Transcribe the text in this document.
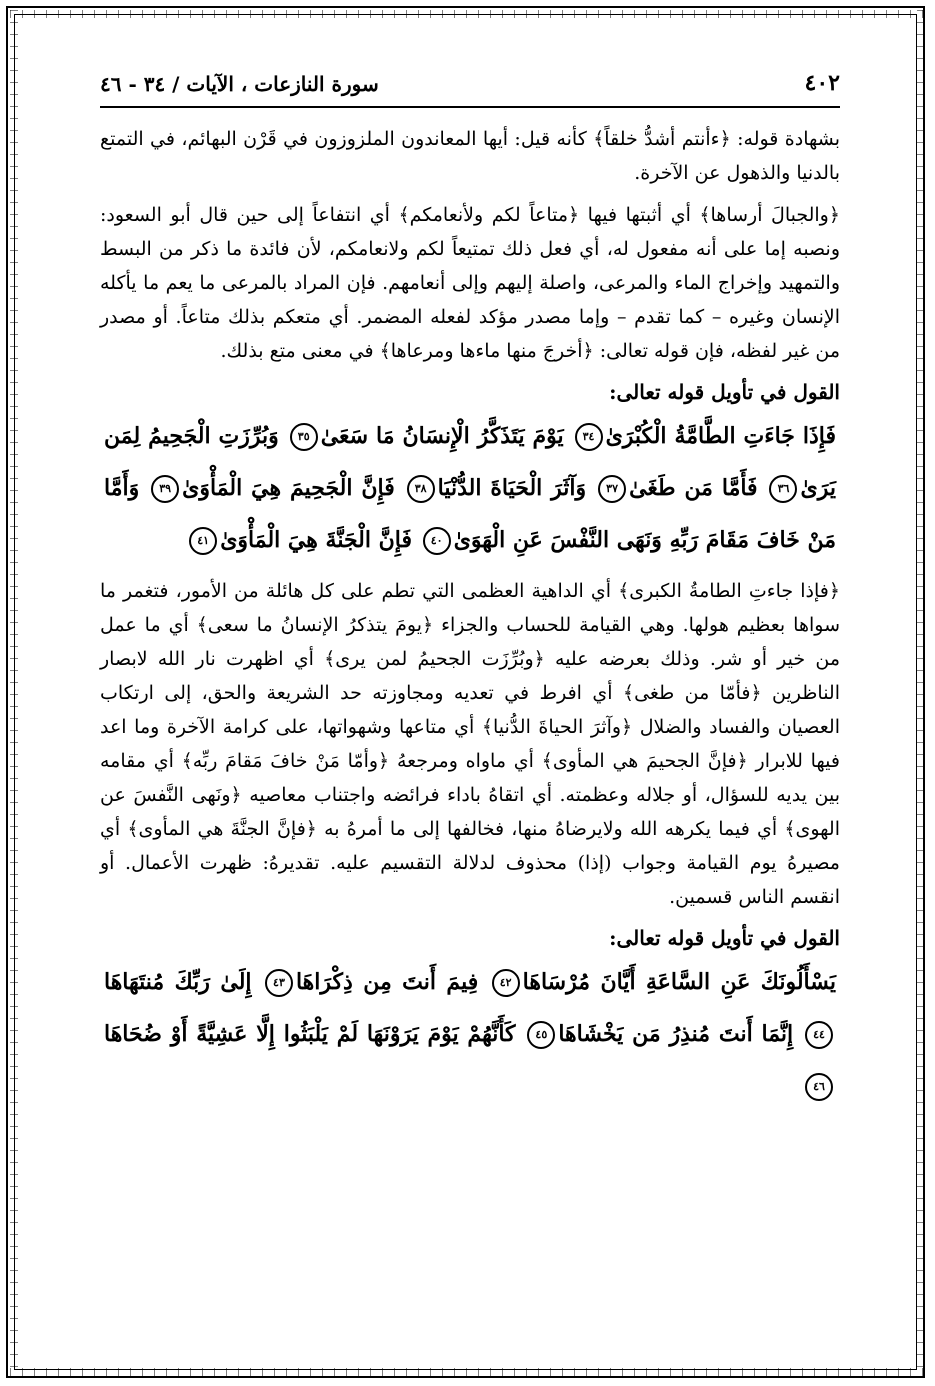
٤٠٢
سورة النازعات ، الآيات / ٣٤ - ٤٦

بشهادة قوله: ﴿ءأنتم أشدُّ خلقاً﴾ كأنه قيل: أيها المعاندون الملزوزون في قَرْن البهائم، في التمتع بالدنيا والذهول عن الآخرة.

﴿والجبالَ أرساها﴾ أي أثبتها فيها ﴿متاعاً لكم ولأنعامكم﴾ أي انتفاعاً إلى حين قال أبو السعود: ونصبه إما على أنه مفعول له، أي فعل ذلك تمتيعاً لكم ولانعامكم، لأن فائدة ما ذكر من البسط والتمهيد وإخراج الماء والمرعى، واصلة إليهم وإلى أنعامهم. فإن المراد بالمرعى ما يعم ما يأكله الإنسان وغيره – كما تقدم – وإما مصدر مؤكد لفعله المضمر. أي متعكم بذلك متاعاً. أو مصدر من غير لفظه، فإن قوله تعالى: ﴿أخرجَ منها ماءها ومرعاها﴾ في معنى متع بذلك.

القول في تأويل قوله تعالى:
فَإِذَا جَاءَتِ الطَّامَّةُ الْكُبْرَىٰ٣٤ يَوْمَ يَتَذَكَّرُ الْإِنسَانُ مَا سَعَىٰ٣٥ وَبُرِّزَتِ الْجَحِيمُ لِمَن يَرَىٰ٣٦ فَأَمَّا مَن طَغَىٰ٣٧ وَآثَرَ الْحَيَاةَ الدُّنْيَا٣٨ فَإِنَّ الْجَحِيمَ هِيَ الْمَأْوَىٰ٣٩ وَأَمَّا مَنْ خَافَ مَقَامَ رَبِّهِ وَنَهَى النَّفْسَ عَنِ الْهَوَىٰ٤٠ فَإِنَّ الْجَنَّةَ هِيَ الْمَأْوَىٰ٤١

﴿فإذا جاءتِ الطامةُ الكبرى﴾ أي الداهية العظمى التي تطم على كل هائلة من الأمور، فتغمر ما سواها بعظيم هولها. وهي القيامة للحساب والجزاء ﴿يومَ يتذكرُ الإنسانُ ما سعى﴾ أي ما عمل من خير أو شر. وذلك بعرضه عليه ﴿وبُرِّزَت الجحيمُ لمن يرى﴾ أي اظهرت نار الله لابصار الناظرين ﴿فأمّا من طغى﴾ أي افرط في تعديه ومجاوزته حد الشريعة والحق، إلى ارتكاب العصيان والفساد والضلال ﴿وآثرَ الحياةَ الدُّنيا﴾ أي متاعها وشهواتها، على كرامة الآخرة وما اعد فيها للابرار ﴿فإنَّ الجحيمَ هي المأوى﴾ أي ماواه ومرجعهُ ﴿وأمّا مَنْ خافَ مَقامَ ربِّه﴾ أي مقامه بين يديه للسؤال، أو جلاله وعظمته. أي اتقاهُ باداء فرائضه واجتناب معاصيه ﴿ونَهى النَّفسَ عن الهوى﴾ أي فيما يكرهه الله ولايرضاهُ منها، فخالفها إلى ما أمرهُ به ﴿فإنَّ الجنَّةَ هي المأوى﴾ أي مصيرهُ يوم القيامة وجواب (إذا) محذوف لدلالة التقسيم عليه. تقديرهُ: ظهرت الأعمال. أو انقسم الناس قسمين.

القول في تأويل قوله تعالى:
يَسْأَلُونَكَ عَنِ السَّاعَةِ أَيَّانَ مُرْسَاهَا٤٢ فِيمَ أَنتَ مِن ذِكْرَاهَا٤٣ إِلَىٰ رَبِّكَ مُنتَهَاهَا٤٤ إِنَّمَا أَنتَ مُنذِرُ مَن يَخْشَاهَا٤٥ كَأَنَّهُمْ يَوْمَ يَرَوْنَهَا لَمْ يَلْبَثُوا إِلَّا عَشِيَّةً أَوْ ضُحَاهَا٤٦
